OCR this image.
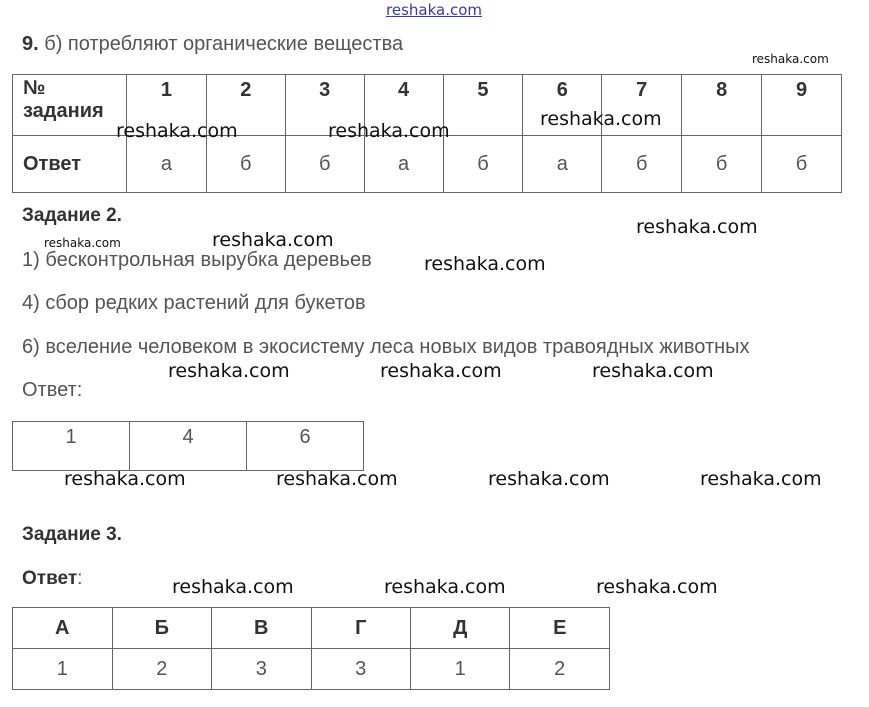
reshaka.com
9. б) потребляют органические вещества
reshaka.com
№
задания	1	2	3	4	5	6	7	8	9
Ответ	а	б	б	а	б	а	б	б	б
reshaka.com	reshaka.com
reshaka.com
Задание 2.
reshaka.com
reshaka.com	reshaka.com
1) бесконтрольная вырубка деревьев	reshaka.com
4) сбор редких растений для букетов
6) вселение человеком в экосистему леса новых видов травоядных животных
reshaka.com	reshaka.com	reshaka.com
Ответ:
1	4	6
reshaka.com	reshaka.com	reshaka.com	reshaka.com
Задание 3.
Ответ:	reshaka.com	reshaka.com	reshaka.com
А	Б	В	Г	Д	Е
1	2	3	3	1	2
